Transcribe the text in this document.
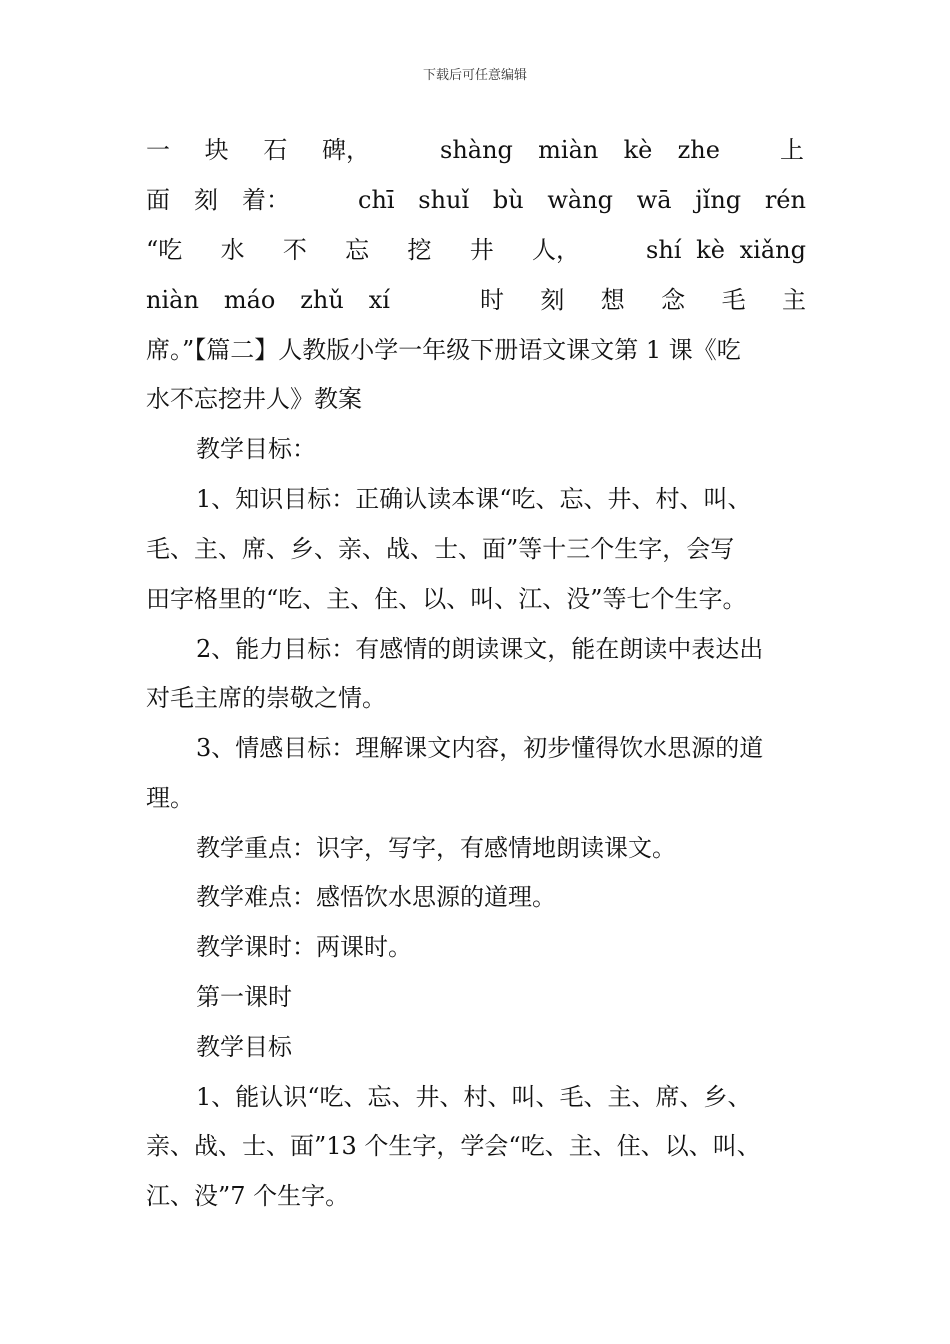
下载后可任意编辑
一 块 石 碑，	shàng miàn kè zhe	上
面 刻 着：	chī shuǐ bù wàng wā jǐng rén
“吃 水 不 忘 挖 井 人，	shí kè xiǎng
niàn máo zhǔ xí	时 刻 想 念 毛 主
席。”【篇二】人教版小学一年级下册语文课文第 1 课《吃
水不忘挖井人》教案
教学目标：
1、知识目标：正确认读本课“吃、忘、井、村、叫、
毛、主、席、乡、亲、战、士、面”等十三个生字，会写
田字格里的“吃、主、住、以、叫、江、没”等七个生字。
2、能力目标：有感情的朗读课文，能在朗读中表达出
对毛主席的崇敬之情。
3、情感目标：理解课文内容，初步懂得饮水思源的道
理。
教学重点：识字，写字，有感情地朗读课文。
教学难点：感悟饮水思源的道理。
教学课时：两课时。
第一课时
教学目标
1、能认识“吃、忘、井、村、叫、毛、主、席、乡、
亲、战、士、面”13 个生字，学会“吃、主、住、以、叫、
江、没”7 个生字。
